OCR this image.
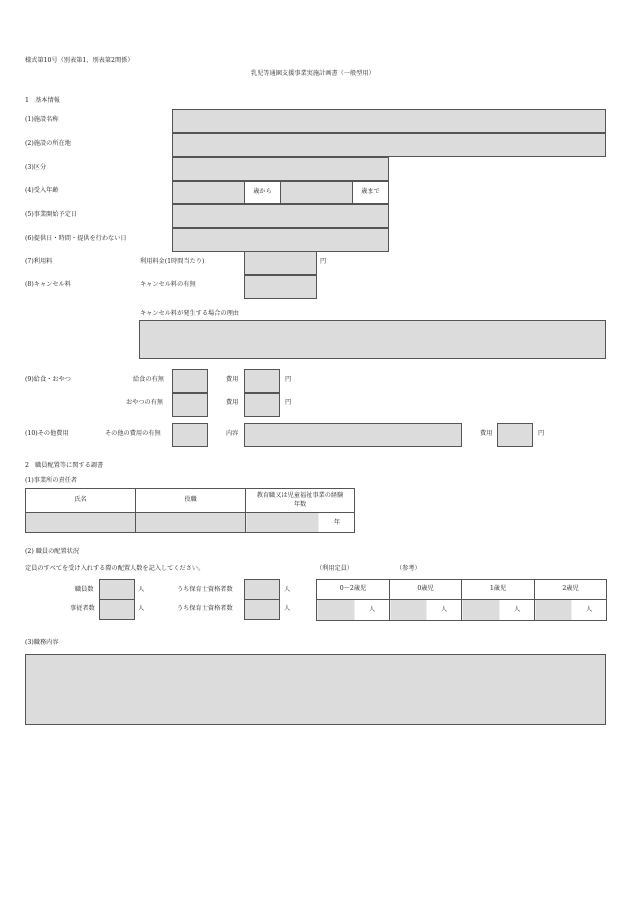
様式第10号（別表第1、別表第2関係）
乳児等通園支援事業実施計画書（一般型用）
1　基本情報
(1)施設名称
(2)施設の所在地
(3)区分
(4)受入年齢	歳から	歳まで
(5)事業開始予定日
(6)提供日・時間・提供を行わない日
(7)利用料	利用料金(1時間当たり)	円
(8)キャンセル料	キャンセル料の有無
キャンセル料が発生する場合の理由
(9)給食・おやつ	給食の有無	費用	円
おやつの有無	費用	円
(10)その他費用	その他の費用の有無	内容	費用	円
2　職員配置等に関する調書
(1)事業所の責任者
氏名	役職	教育職又は児童福祉事業の経験年数

		年
(2) 職員の配置状況
定員のすべてを受け入れする際の配置人数を記入してください。	（利用定員）	（参考）
職員数	人	うち保育士資格者数	人
事従者数	人	うち保育士資格者数	人
0～2歳児	0歳児	1歳児	2歳児

人	人	人	人
(3)職務内容
